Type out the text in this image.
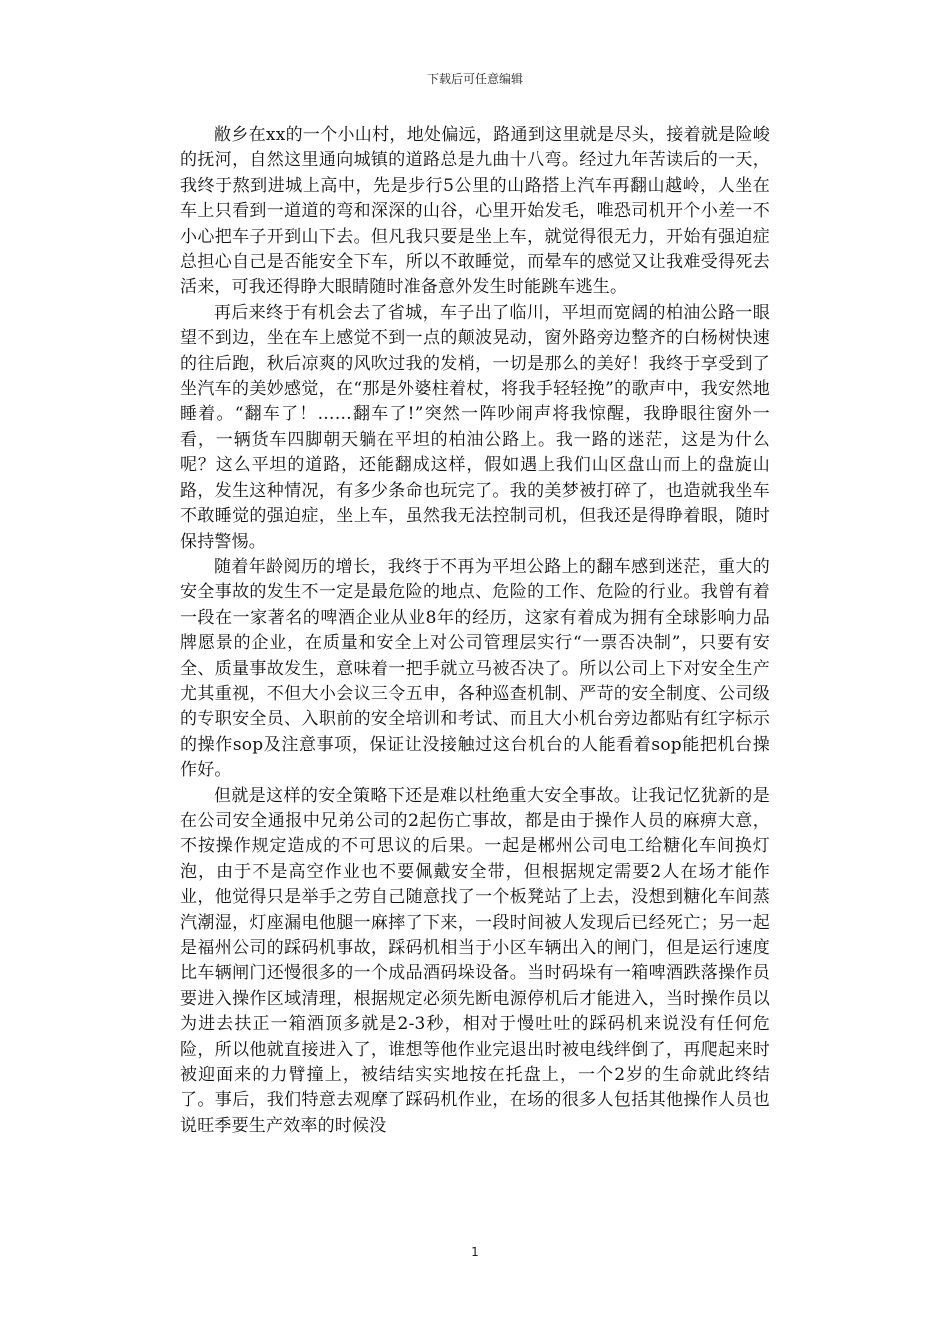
下载后可任意编辑

敝乡在xx的一个小山村，地处偏远，路通到这里就是尽头，接着就是险峻的抚河，自然这里通向城镇的道路总是九曲十八弯。经过九年苦读后的一天，我终于熬到进城上高中，先是步行5公里的山路搭上汽车再翻山越岭，人坐在车上只看到一道道的弯和深深的山谷，心里开始发毛，唯恐司机开个小差一不小心把车子开到山下去。但凡我只要是坐上车，就觉得很无力，开始有强迫症总担心自己是否能安全下车，所以不敢睡觉，而晕车的感觉又让我难受得死去活来，可我还得睁大眼睛随时准备意外发生时能跳车逃生。

再后来终于有机会去了省城，车子出了临川，平坦而宽阔的柏油公路一眼望不到边，坐在车上感觉不到一点的颠波晃动，窗外路旁边整齐的白杨树快速的往后跑，秋后凉爽的风吹过我的发梢，一切是那么的美好！我终于享受到了坐汽车的美妙感觉，在“那是外婆柱着杖，将我手轻轻挽”的歌声中，我安然地睡着。“翻车了！……翻车了!”突然一阵吵闹声将我惊醒，我睁眼往窗外一看，一辆货车四脚朝天躺在平坦的柏油公路上。我一路的迷茫，这是为什么呢？这么平坦的道路，还能翻成这样，假如遇上我们山区盘山而上的盘旋山路，发生这种情况，有多少条命也玩完了。我的美梦被打碎了，也造就我坐车不敢睡觉的强迫症，坐上车，虽然我无法控制司机，但我还是得睁着眼，随时保持警惕。

随着年龄阅历的增长，我终于不再为平坦公路上的翻车感到迷茫，重大的安全事故的发生不一定是最危险的地点、危险的工作、危险的行业。我曾有着一段在一家著名的啤酒企业从业8年的经历，这家有着成为拥有全球影响力品牌愿景的企业，在质量和安全上对公司管理层实行“一票否决制”，只要有安全、质量事故发生，意味着一把手就立马被否决了。所以公司上下对安全生产尤其重视，不但大小会议三令五申，各种巡查机制、严苛的安全制度、公司级的专职安全员、入职前的安全培训和考试、而且大小机台旁边都贴有红字标示的操作sop及注意事项，保证让没接触过这台机台的人能看着sop能把机台操作好。

但就是这样的安全策略下还是难以杜绝重大安全事故。让我记忆犹新的是在公司安全通报中兄弟公司的2起伤亡事故，都是由于操作人员的麻痹大意，不按操作规定造成的不可思议的后果。一起是郴州公司电工给糖化车间换灯泡，由于不是高空作业也不要佩戴安全带，但根据规定需要2人在场才能作业，他觉得只是举手之劳自己随意找了一个板凳站了上去，没想到糖化车间蒸汽潮湿，灯座漏电他腿一麻摔了下来，一段时间被人发现后已经死亡；另一起是福州公司的踩码机事故，踩码机相当于小区车辆出入的闸门，但是运行速度比车辆闸门还慢很多的一个成品酒码垛设备。当时码垛有一箱啤酒跌落操作员要进入操作区域清理，根据规定必须先断电源停机后才能进入，当时操作员以为进去扶正一箱酒顶多就是2-3秒，相对于慢吐吐的踩码机来说没有任何危险，所以他就直接进入了，谁想等他作业完退出时被电线绊倒了，再爬起来时被迎面来的力臂撞上，被结结实实地按在托盘上，一个2岁的生命就此终结了。事后，我们特意去观摩了踩码机作业，在场的很多人包括其他操作人员也说旺季要生产效率的时候没

1
